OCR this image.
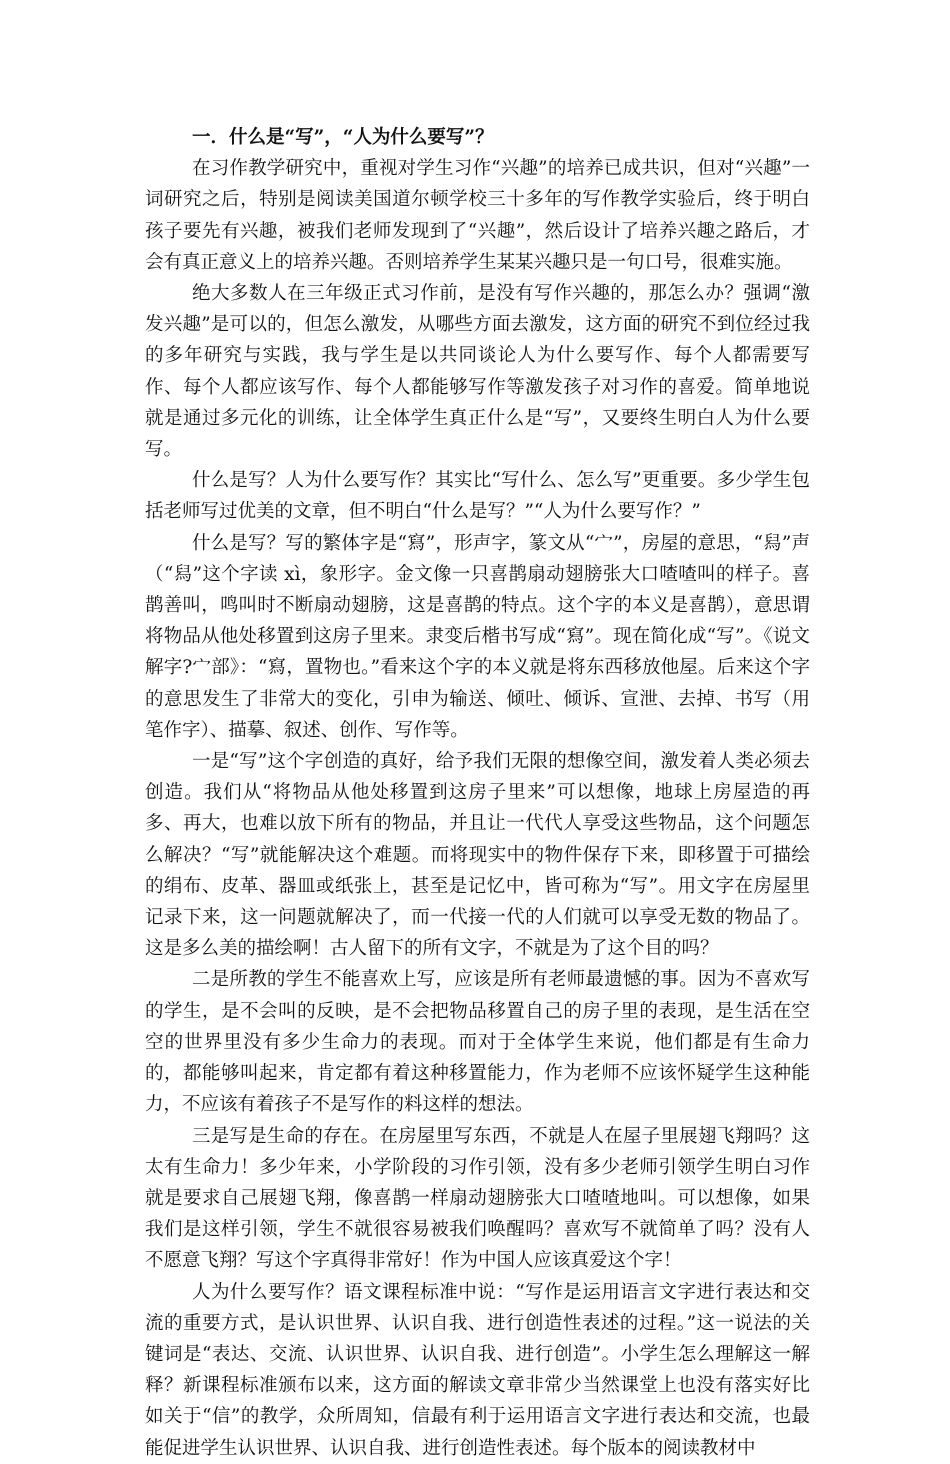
一．什么是“写”，“人为什么要写”？

在习作教学研究中，重视对学生习作“兴趣”的培养已成共识，但对“兴趣”一词研究之后，特别是阅读美国道尔顿学校三十多年的写作教学实验后，终于明白孩子要先有兴趣，被我们老师发现到了“兴趣”，然后设计了培养兴趣之路后，才会有真正意义上的培养兴趣。否则培养学生某某兴趣只是一句口号，很难实施。

绝大多数人在三年级正式习作前，是没有写作兴趣的，那怎么办？强调“激发兴趣”是可以的，但怎么激发，从哪些方面去激发，这方面的研究不到位经过我的多年研究与实践，我与学生是以共同谈论人为什么要写作、每个人都需要写作、每个人都应该写作、每个人都能够写作等激发孩子对习作的喜爱。简单地说就是通过多元化的训练，让全体学生真正什么是“写”，又要终生明白人为什么要写。

什么是写？人为什么要写作？其实比“写什么、怎么写”更重要。多少学生包括老师写过优美的文章，但不明白“什么是写？”“人为什么要写作？”

什么是写？写的繁体字是“寫”，形声字，篆文从“宀”，房屋的意思，“舄”声（“舄”这个字读 xì，象形字。金文像一只喜鹊扇动翅膀张大口喳喳叫的样子。喜鹊善叫，鸣叫时不断扇动翅膀，这是喜鹊的特点。这个字的本义是喜鹊），意思谓将物品从他处移置到这房子里来。隶变后楷书写成“寫”。现在简化成“写”。《说文解字?宀部》：“寫，置物也。”看来这个字的本义就是将东西移放他屋。后来这个字的意思发生了非常大的变化，引申为输送、倾吐、倾诉、宣泄、去掉、书写（用笔作字）、描摹、叙述、创作、写作等。

一是“写”这个字创造的真好，给予我们无限的想像空间，激发着人类必须去创造。我们从“将物品从他处移置到这房子里来”可以想像，地球上房屋造的再多、再大，也难以放下所有的物品，并且让一代代人享受这些物品，这个问题怎么解决？“写”就能解决这个难题。而将现实中的物件保存下来，即移置于可描绘的绢布、皮革、器皿或纸张上，甚至是记忆中，皆可称为“写”。用文字在房屋里记录下来，这一问题就解决了，而一代接一代的人们就可以享受无数的物品了。这是多么美的描绘啊！古人留下的所有文字，不就是为了这个目的吗？

二是所教的学生不能喜欢上写，应该是所有老师最遗憾的事。因为不喜欢写的学生，是不会叫的反映，是不会把物品移置自己的房子里的表现，是生活在空空的世界里没有多少生命力的表现。而对于全体学生来说，他们都是有生命力的，都能够叫起来，肯定都有着这种移置能力，作为老师不应该怀疑学生这种能力，不应该有着孩子不是写作的料这样的想法。

三是写是生命的存在。在房屋里写东西，不就是人在屋子里展翅飞翔吗？这太有生命力！多少年来，小学阶段的习作引领，没有多少老师引领学生明白习作就是要求自己展翅飞翔，像喜鹊一样扇动翅膀张大口喳喳地叫。可以想像，如果我们是这样引领，学生不就很容易被我们唤醒吗？喜欢写不就简单了吗？没有人不愿意飞翔？写这个字真得非常好！作为中国人应该真爱这个字！

人为什么要写作？语文课程标准中说：“写作是运用语言文字进行表达和交流的重要方式，是认识世界、认识自我、进行创造性表述的过程。”这一说法的关键词是“表达、交流、认识世界、认识自我、进行创造”。小学生怎么理解这一解释？新课程标准颁布以来，这方面的解读文章非常少当然课堂上也没有落实好比如关于“信”的教学，众所周知，信最有利于运用语言文字进行表达和交流，也最能促进学生认识世界、认识自我、进行创造性表述。每个版本的阅读教材中
